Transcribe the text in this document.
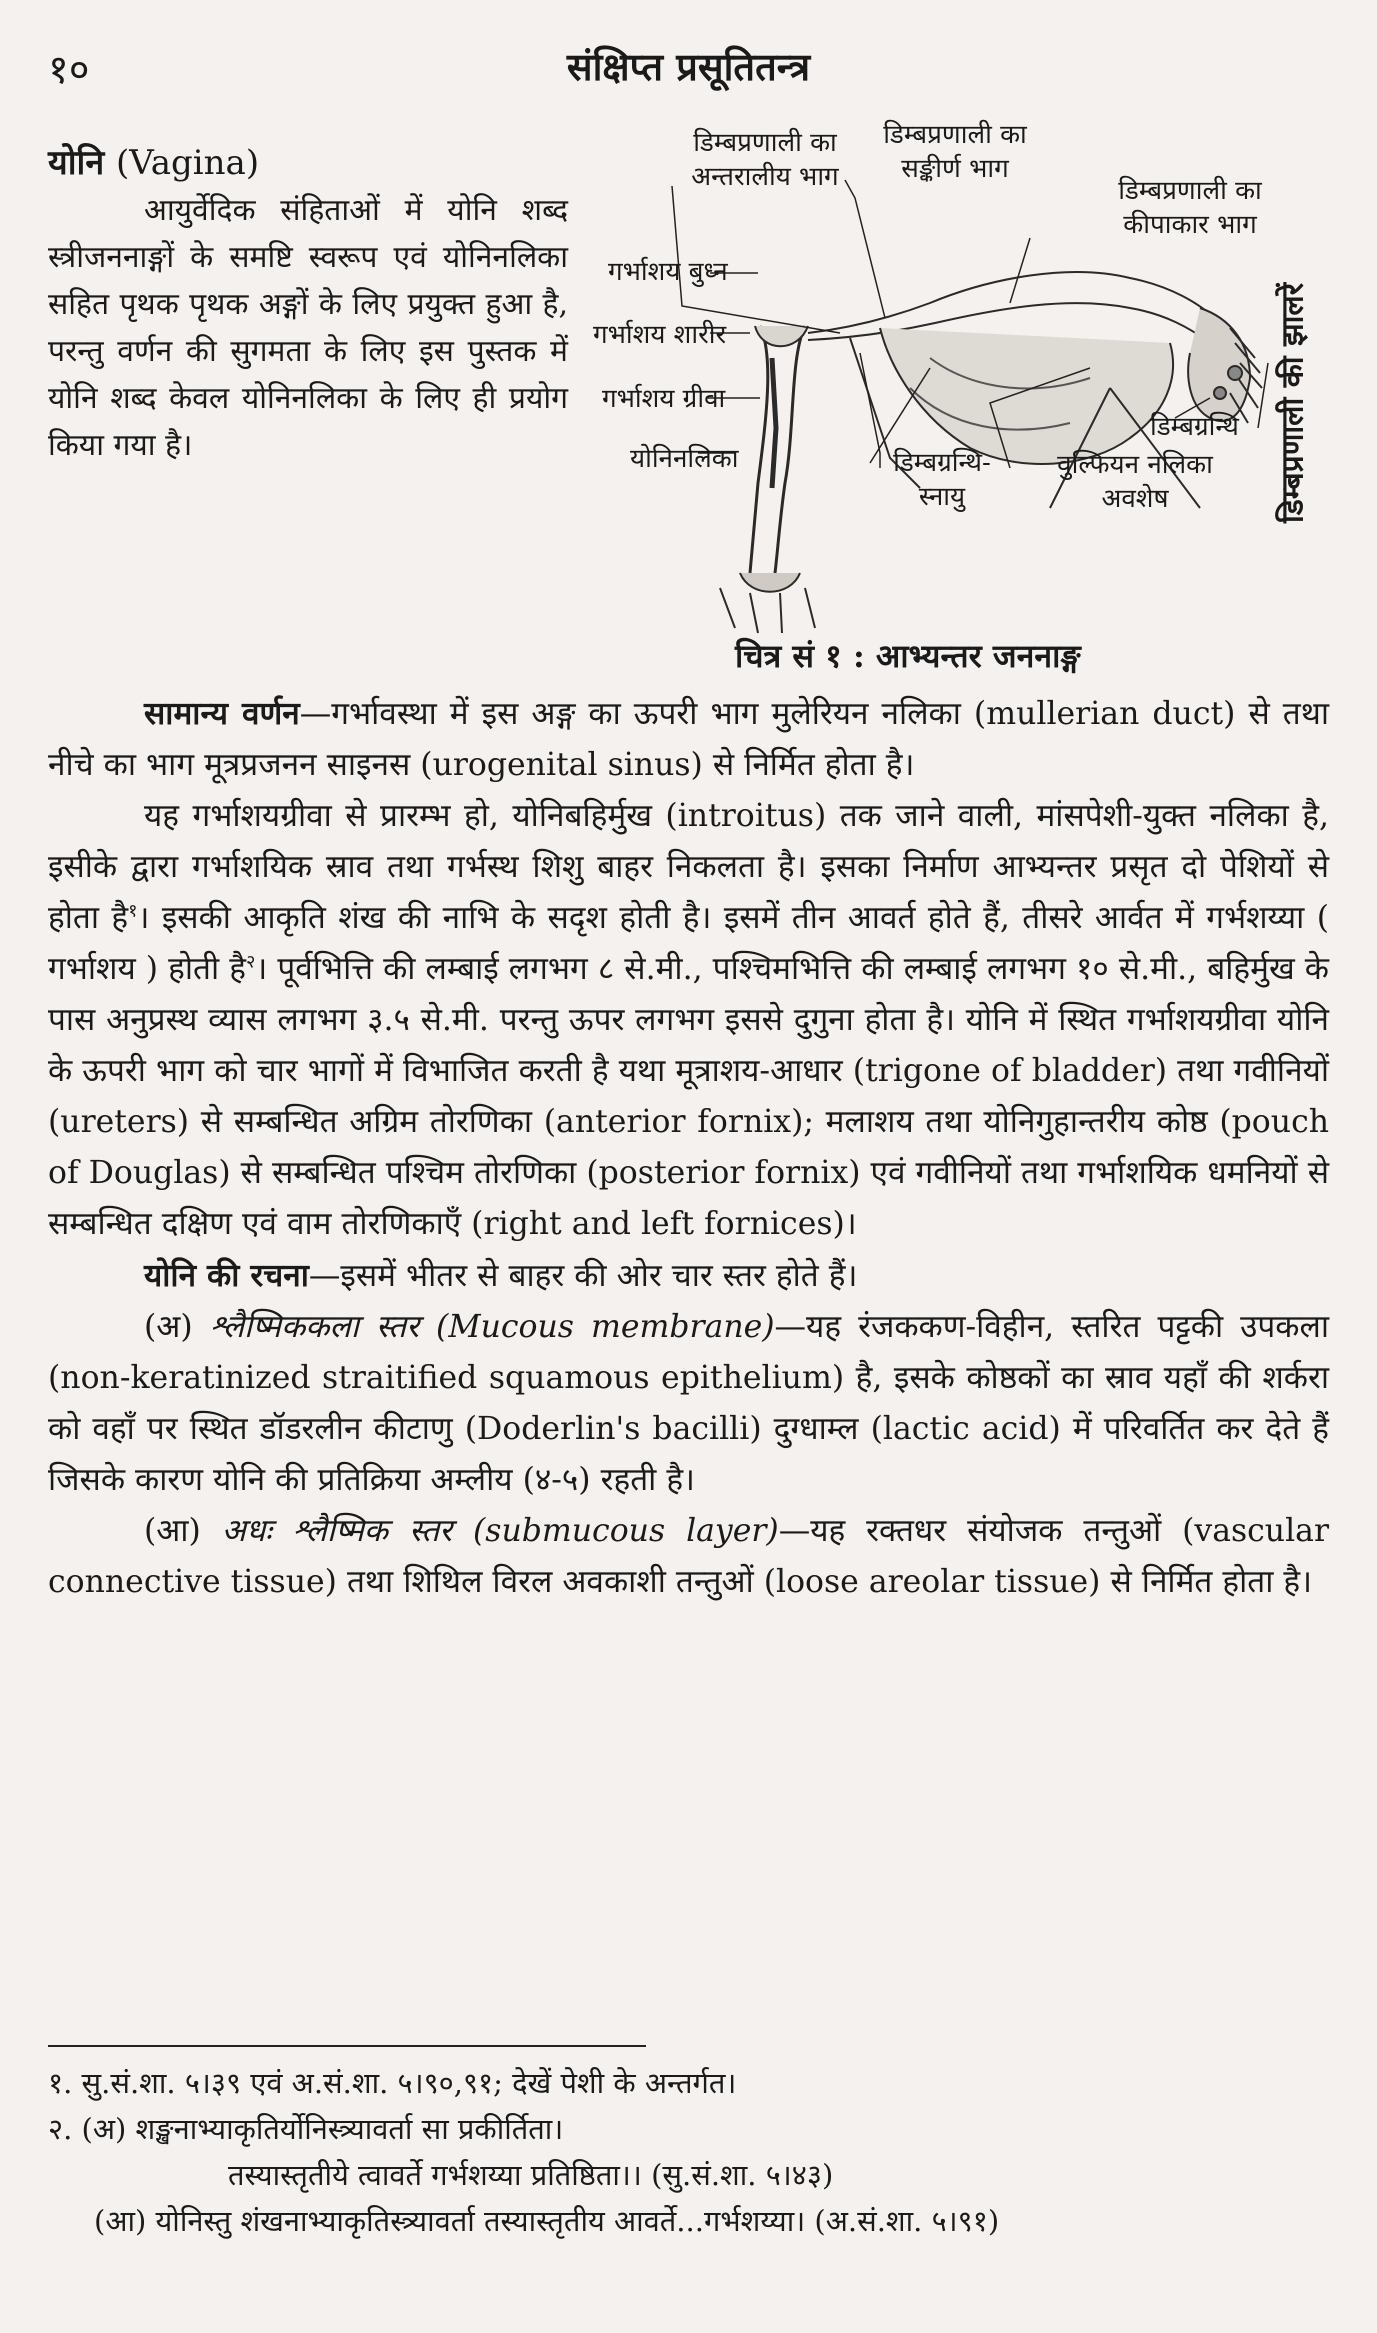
१०	संक्षिप्त प्रसूतितन्त्र
योनि (Vagina)
आयुर्वेदिक संहिताओं में योनि शब्द स्त्रीजननाङ्गों के समष्टि स्वरूप एवं योनिनलिका सहित पृथक पृथक अङ्गों के लिए प्रयुक्त हुआ है, परन्तु वर्णन की सुगमता के लिए इस पुस्तक में योनि शब्द केवल योनिनलिका के लिए ही प्रयोग किया गया है।
डिम्बप्रणाली का अन्तरालीय भाग
डिम्बप्रणाली का सङ्कीर्ण भाग
डिम्बप्रणाली का कीपाकार भाग
गर्भाशय बुध्न
गर्भाशय शारीर
गर्भाशय ग्रीवा
योनिनलिका	डिम्बग्रन्थि- स्नायु
वुल्फियन नलिका अवशेष
डिम्बग्रन्थि डिम्बप्रणाली की झालरें
चित्र सं १ : आभ्यन्तर जननाङ्ग

सामान्य वर्णन—गर्भावस्था में इस अङ्ग का ऊपरी भाग मुलेरियन नलिका (mullerian duct) से तथा नीचे का भाग मूत्रप्रजनन साइनस (urogenital sinus) से निर्मित होता है।

यह गर्भाशयग्रीवा से प्रारम्भ हो, योनिबहिर्मुख (introitus) तक जाने वाली, मांसपेशी-युक्त नलिका है, इसीके द्वारा गर्भाशयिक स्राव तथा गर्भस्थ शिशु बाहर निकलता है। इसका निर्माण आभ्यन्तर प्रसृत दो पेशियों से होता है$^१$। इसकी आकृति शंख की नाभि के सदृश होती है। इसमें तीन आवर्त होते हैं, तीसरे आर्वत में गर्भशय्या ( गर्भाशय ) होती है$^२$। पूर्वभित्ति की लम्बाई लगभग ८ से.मी., पश्चिमभित्ति की लम्बाई लगभग १० से.मी., बहिर्मुख के पास अनुप्रस्थ व्यास लगभग ३.५ से.मी. परन्तु ऊपर लगभग इससे दुगुना होता है। योनि में स्थित गर्भाशयग्रीवा योनि के ऊपरी भाग को चार भागों में विभाजित करती है यथा मूत्राशय-आधार (trigone of bladder) तथा गवीनियों (ureters) से सम्बन्धित अग्रिम तोरणिका (anterior fornix); मलाशय तथा योनिगुहान्तरीय कोष्ठ (pouch of Douglas) से सम्बन्धित पश्चिम तोरणिका (posterior fornix) एवं गवीनियों तथा गर्भाशयिक धमनियों से सम्बन्धित दक्षिण एवं वाम तोरणिकाएँ (right and left fornices)।

योनि की रचना—इसमें भीतर से बाहर की ओर चार स्तर होते हैं।

(अ) श्लैष्मिककला स्तर (Mucous membrane)—यह रंजककण-विहीन, स्तरित पट्टकी उपकला (non-keratinized straitified squamous epithelium) है, इसके कोष्ठकों का स्राव यहाँ की शर्करा को वहाँ पर स्थित डॉडरलीन कीटाणु (Doderlin's bacilli) दुग्धाम्ल (lactic acid) में परिवर्तित कर देते हैं जिसके कारण योनि की प्रतिक्रिया अम्लीय (४-५) रहती है।

(आ) अधः श्लैष्मिक स्तर (submucous layer)—यह रक्तधर संयोजक तन्तुओं (vascular connective tissue) तथा शिथिल विरल अवकाशी तन्तुओं (loose areolar tissue) से निर्मित होता है।

१. सु.सं.शा. ५।३९ एवं अ.सं.शा. ५।९०,९१; देखें पेशी के अन्तर्गत।

२. (अ) शङ्खनाभ्याकृतिर्योनिस्त्र्यावर्ता सा प्रकीर्तिता।

तस्यास्तृतीये त्वावर्ते गर्भशय्या प्रतिष्ठिता।। (सु.सं.शा. ५।४३)

(आ) योनिस्तु शंखनाभ्याकृतिस्त्र्यावर्ता तस्यास्तृतीय आवर्ते...गर्भशय्या। (अ.सं.शा. ५।९१)
